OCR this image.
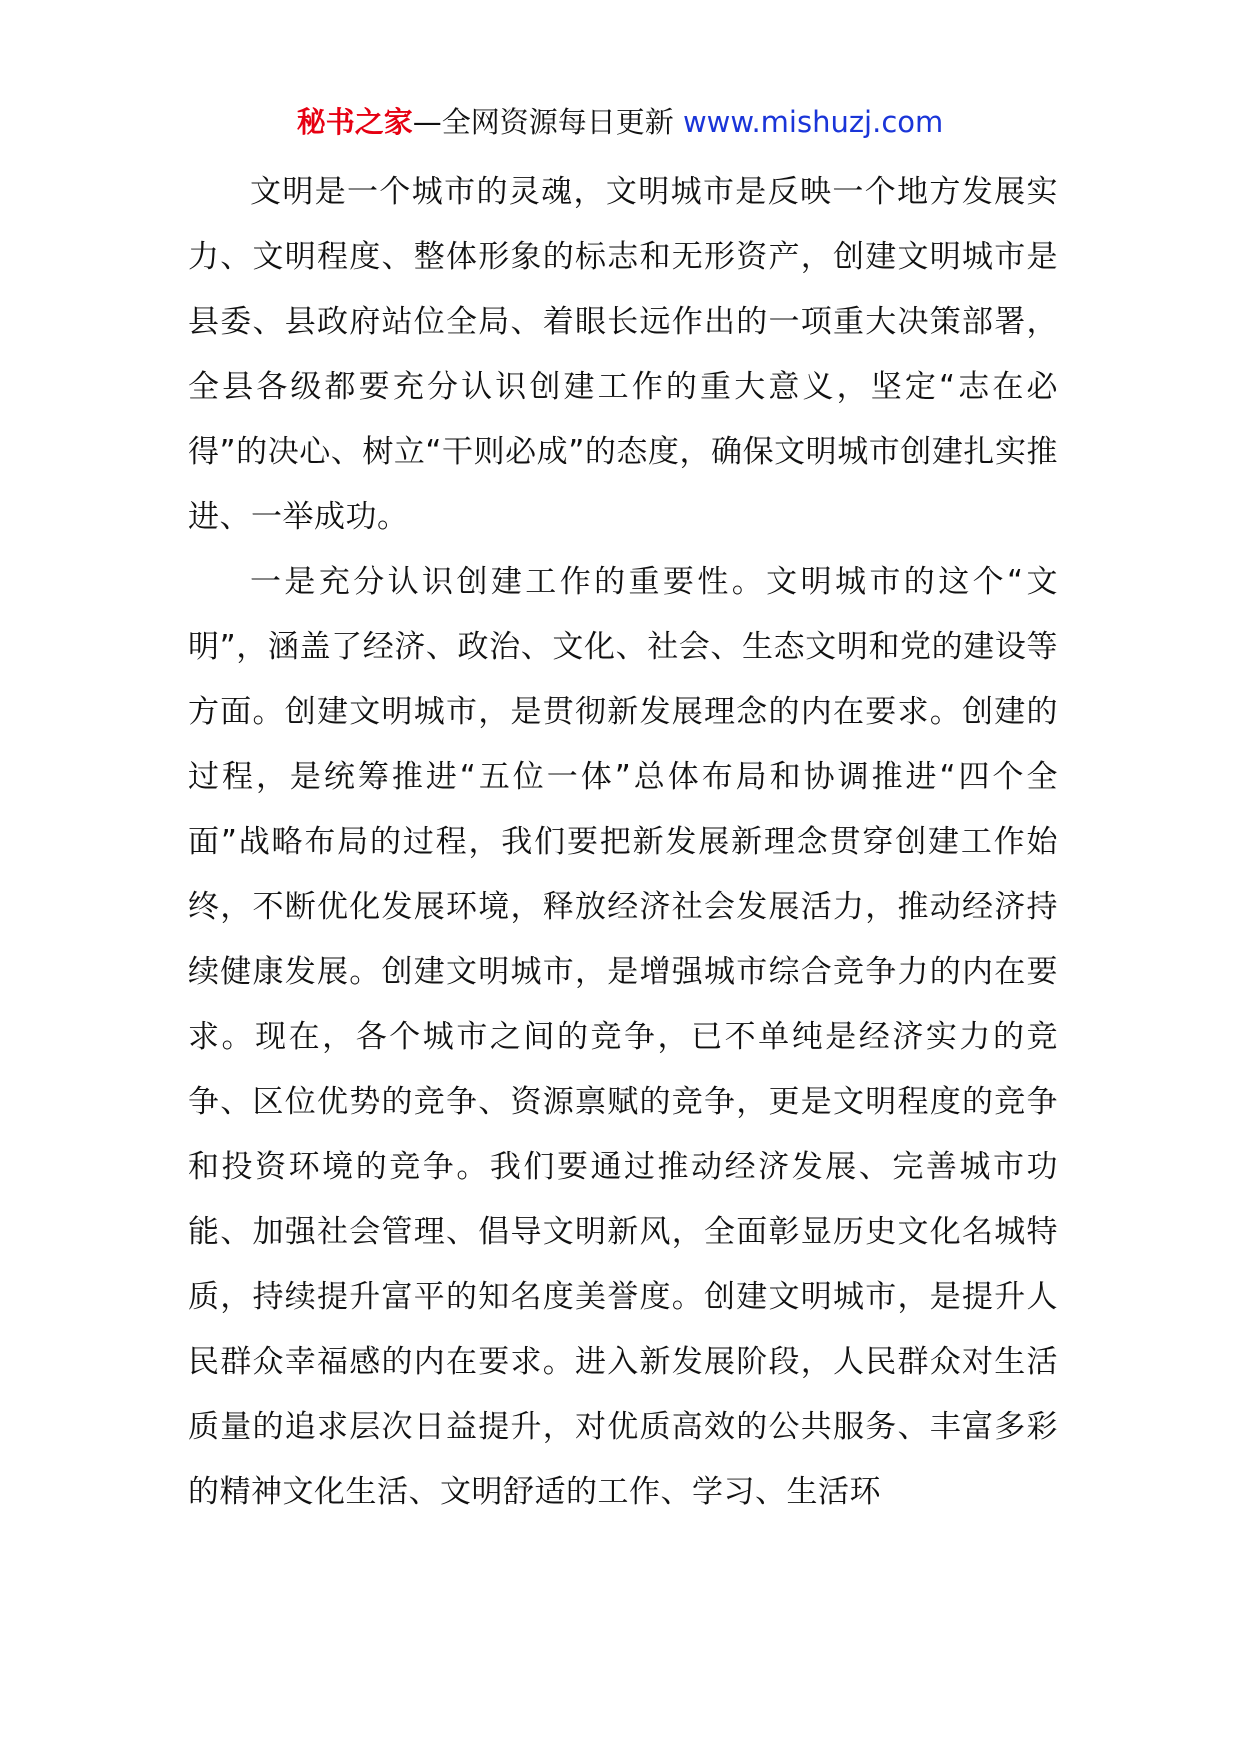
秘书之家—全网资源每日更新 www.mishuzj.com

文明是一个城市的灵魂，文明城市是反映一个地方发展实力、文明程度、整体形象的标志和无形资产，创建文明城市是县委、县政府站位全局、着眼长远作出的一项重大决策部署，全县各级都要充分认识创建工作的重大意义，坚定“志在必得”的决心、树立“干则必成”的态度，确保文明城市创建扎实推进、一举成功。

一是充分认识创建工作的重要性。文明城市的这个“文明”，涵盖了经济、政治、文化、社会、生态文明和党的建设等方面。创建文明城市，是贯彻新发展理念的内在要求。创建的过程，是统筹推进“五位一体”总体布局和协调推进“四个全面”战略布局的过程，我们要把新发展新理念贯穿创建工作始终，不断优化发展环境，释放经济社会发展活力，推动经济持续健康发展。创建文明城市，是增强城市综合竞争力的内在要求。现在，各个城市之间的竞争，已不单纯是经济实力的竞争、区位优势的竞争、资源禀赋的竞争，更是文明程度的竞争和投资环境的竞争。我们要通过推动经济发展、完善城市功能、加强社会管理、倡导文明新风，全面彰显历史文化名城特质，持续提升富平的知名度美誉度。创建文明城市，是提升人民群众幸福感的内在要求。进入新发展阶段，人民群众对生活质量的追求层次日益提升，对优质高效的公共服务、丰富多彩的精神文化生活、文明舒适的工作、学习、生活环
